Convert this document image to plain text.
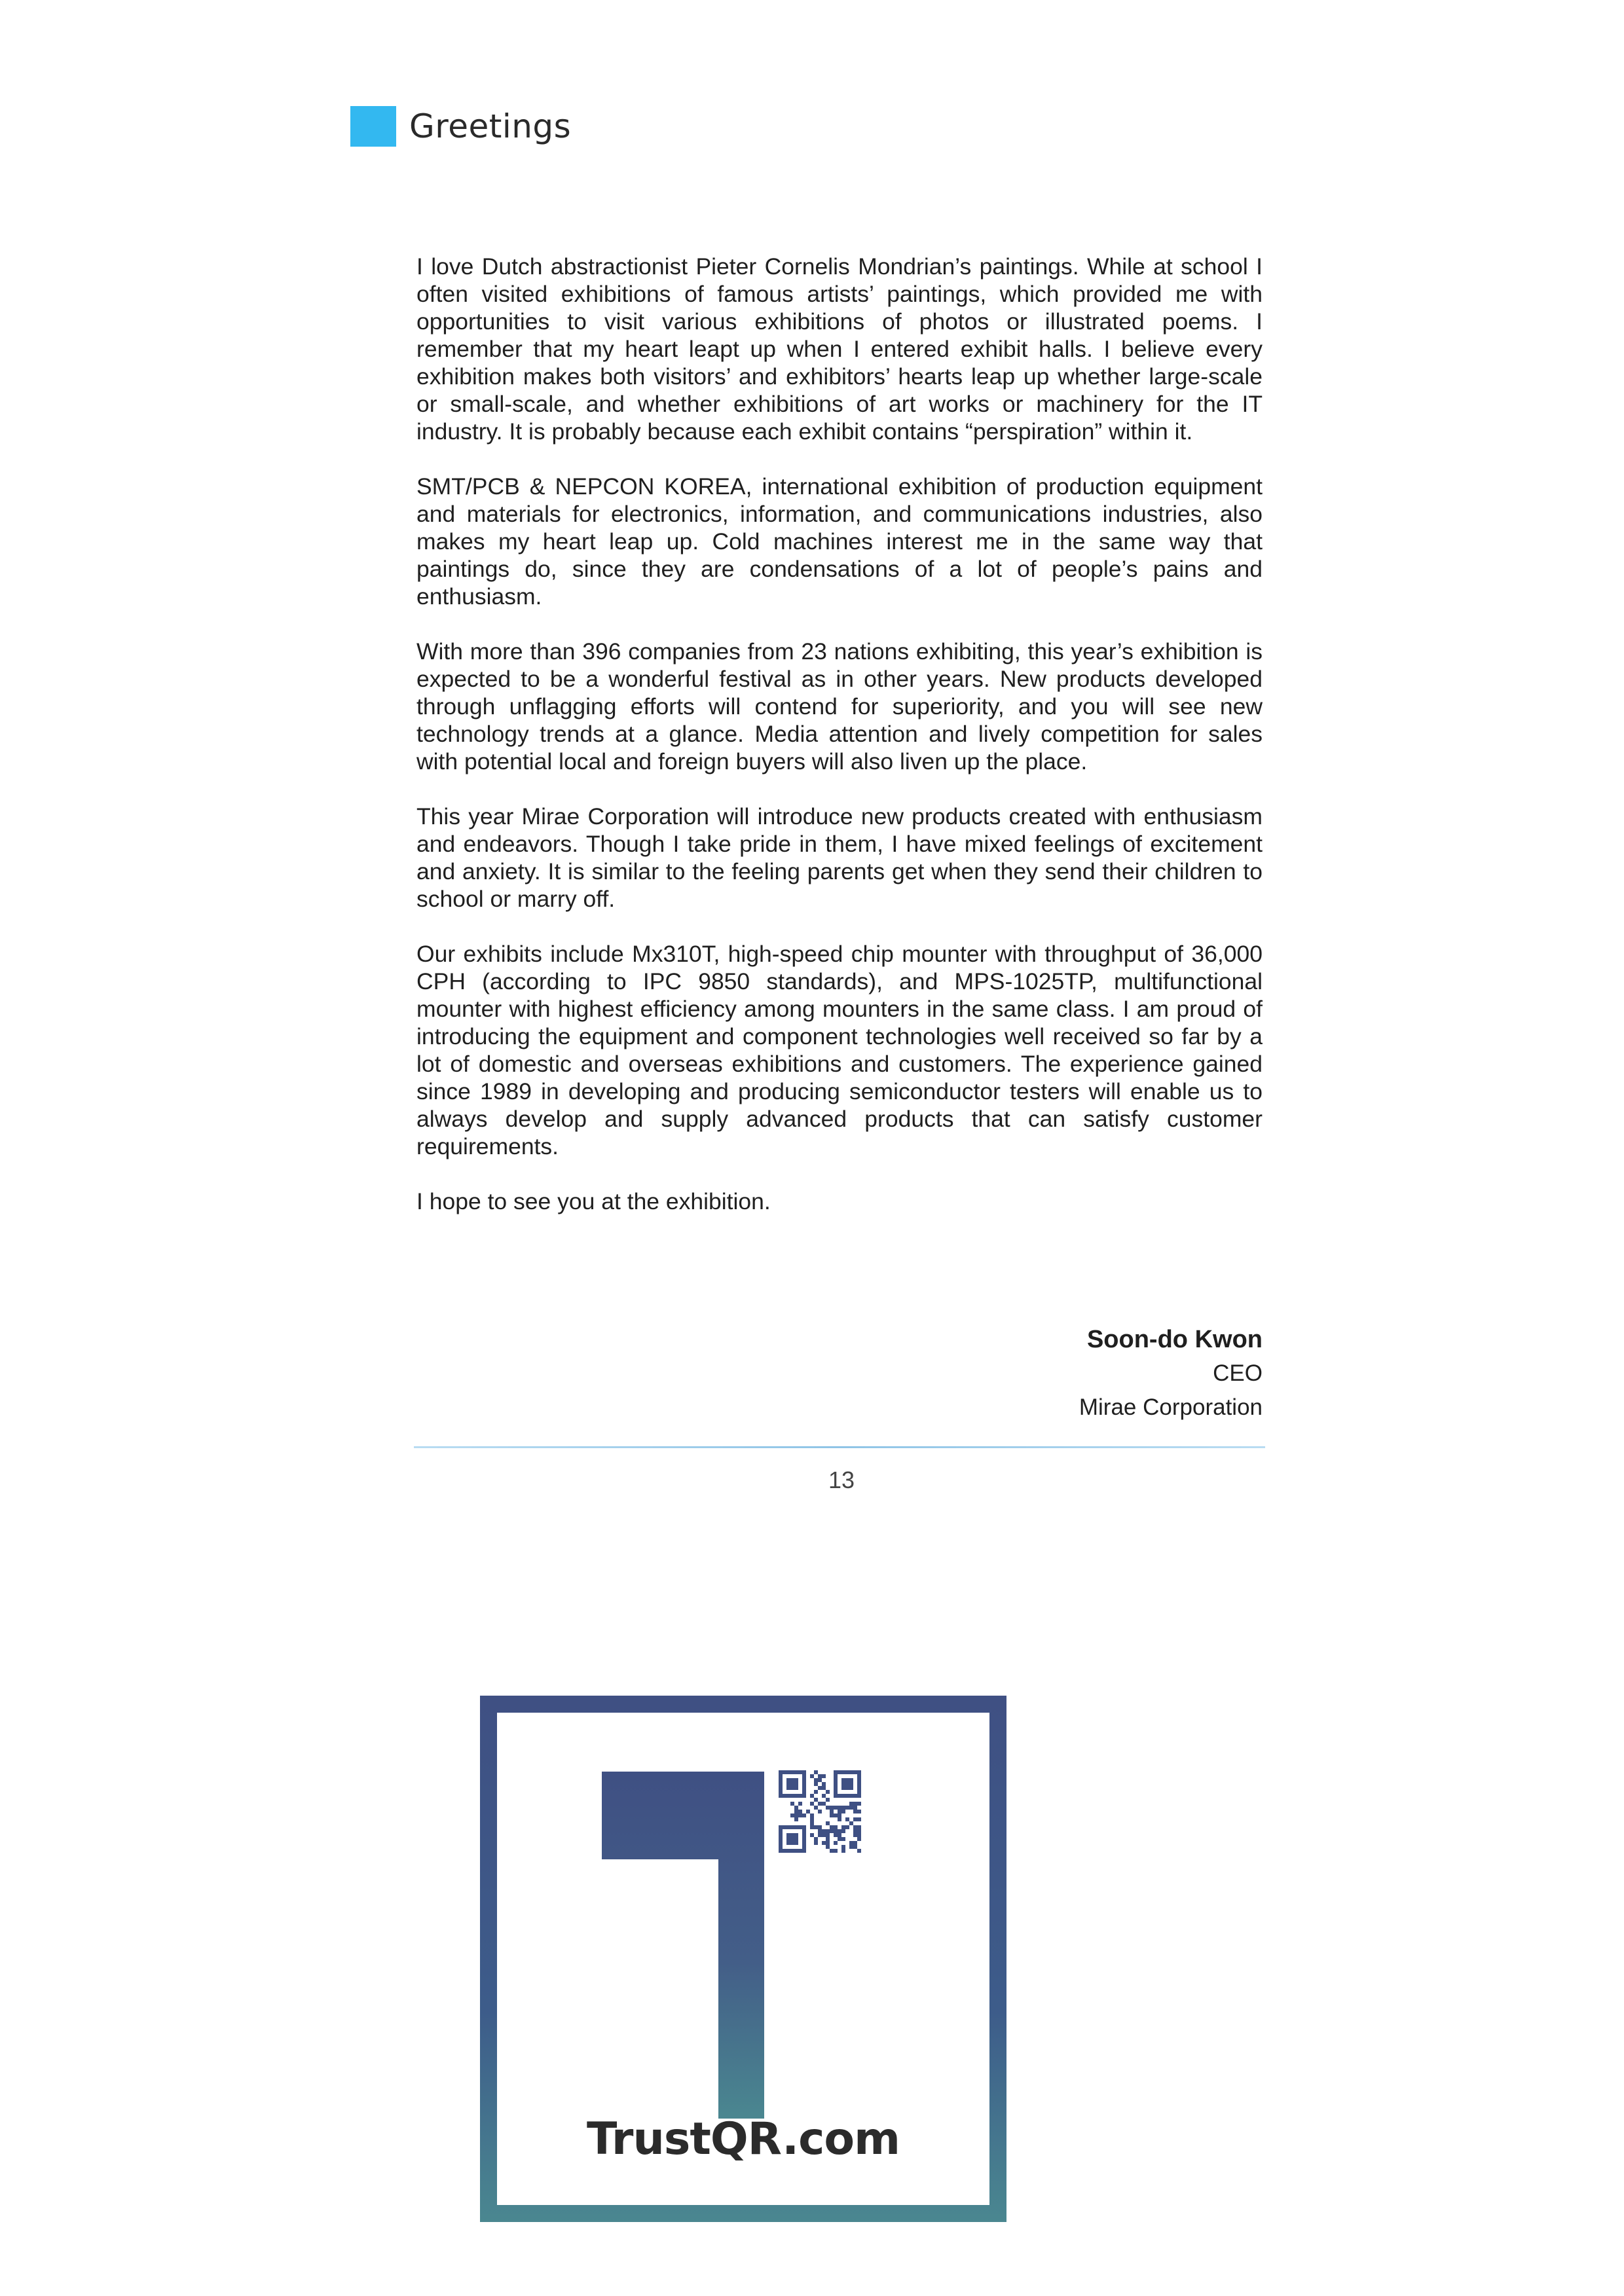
Greetings

I love Dutch abstractionist Pieter Cornelis Mondrian’s paintings. While at school I often visited exhibitions of famous artists’ paintings, which provided me with opportunities to visit various exhibitions of photos or illustrated poems. I remember that my heart leapt up when I entered exhibit halls. I believe every exhibition makes both visitors’ and exhibitors’ hearts leap up whether large-scale or small-scale, and whether exhibitions of art works or machinery for the IT industry. It is probably because each exhibit contains “perspiration” within it.

SMT/PCB & NEPCON KOREA, international exhibition of production equipment and materials for electronics, information, and communications industries, also makes my heart leap up. Cold machines interest me in the same way that paintings do, since they are condensations of a lot of people’s pains and enthusiasm.

With more than 396 companies from 23 nations exhibiting, this year’s exhibition is expected to be a wonderful festival as in other years. New products developed through unflagging efforts will contend for superiority, and you will see new technology trends at a glance. Media attention and lively competition for sales with potential local and foreign buyers will also liven up the place.

This year Mirae Corporation will introduce new products created with enthusiasm and endeavors. Though I take pride in them, I have mixed feelings of excitement and anxiety. It is similar to the feeling parents get when they send their children to school or marry off.

Our exhibits include Mx310T, high-speed chip mounter with throughput of 36,000 CPH (according to IPC 9850 standards), and MPS-1025TP, multifunctional mounter with highest efficiency among mounters in the same class. I am proud of introducing the equipment and component technologies well received so far by a lot of domestic and overseas exhibitions and customers. The experience gained since 1989 in developing and producing semiconductor testers will enable us to always develop and supply advanced products that can satisfy customer requirements.

I hope to see you at the exhibition.

Soon-do Kwon
CEO
Mirae Corporation
13
TrustQR.com
